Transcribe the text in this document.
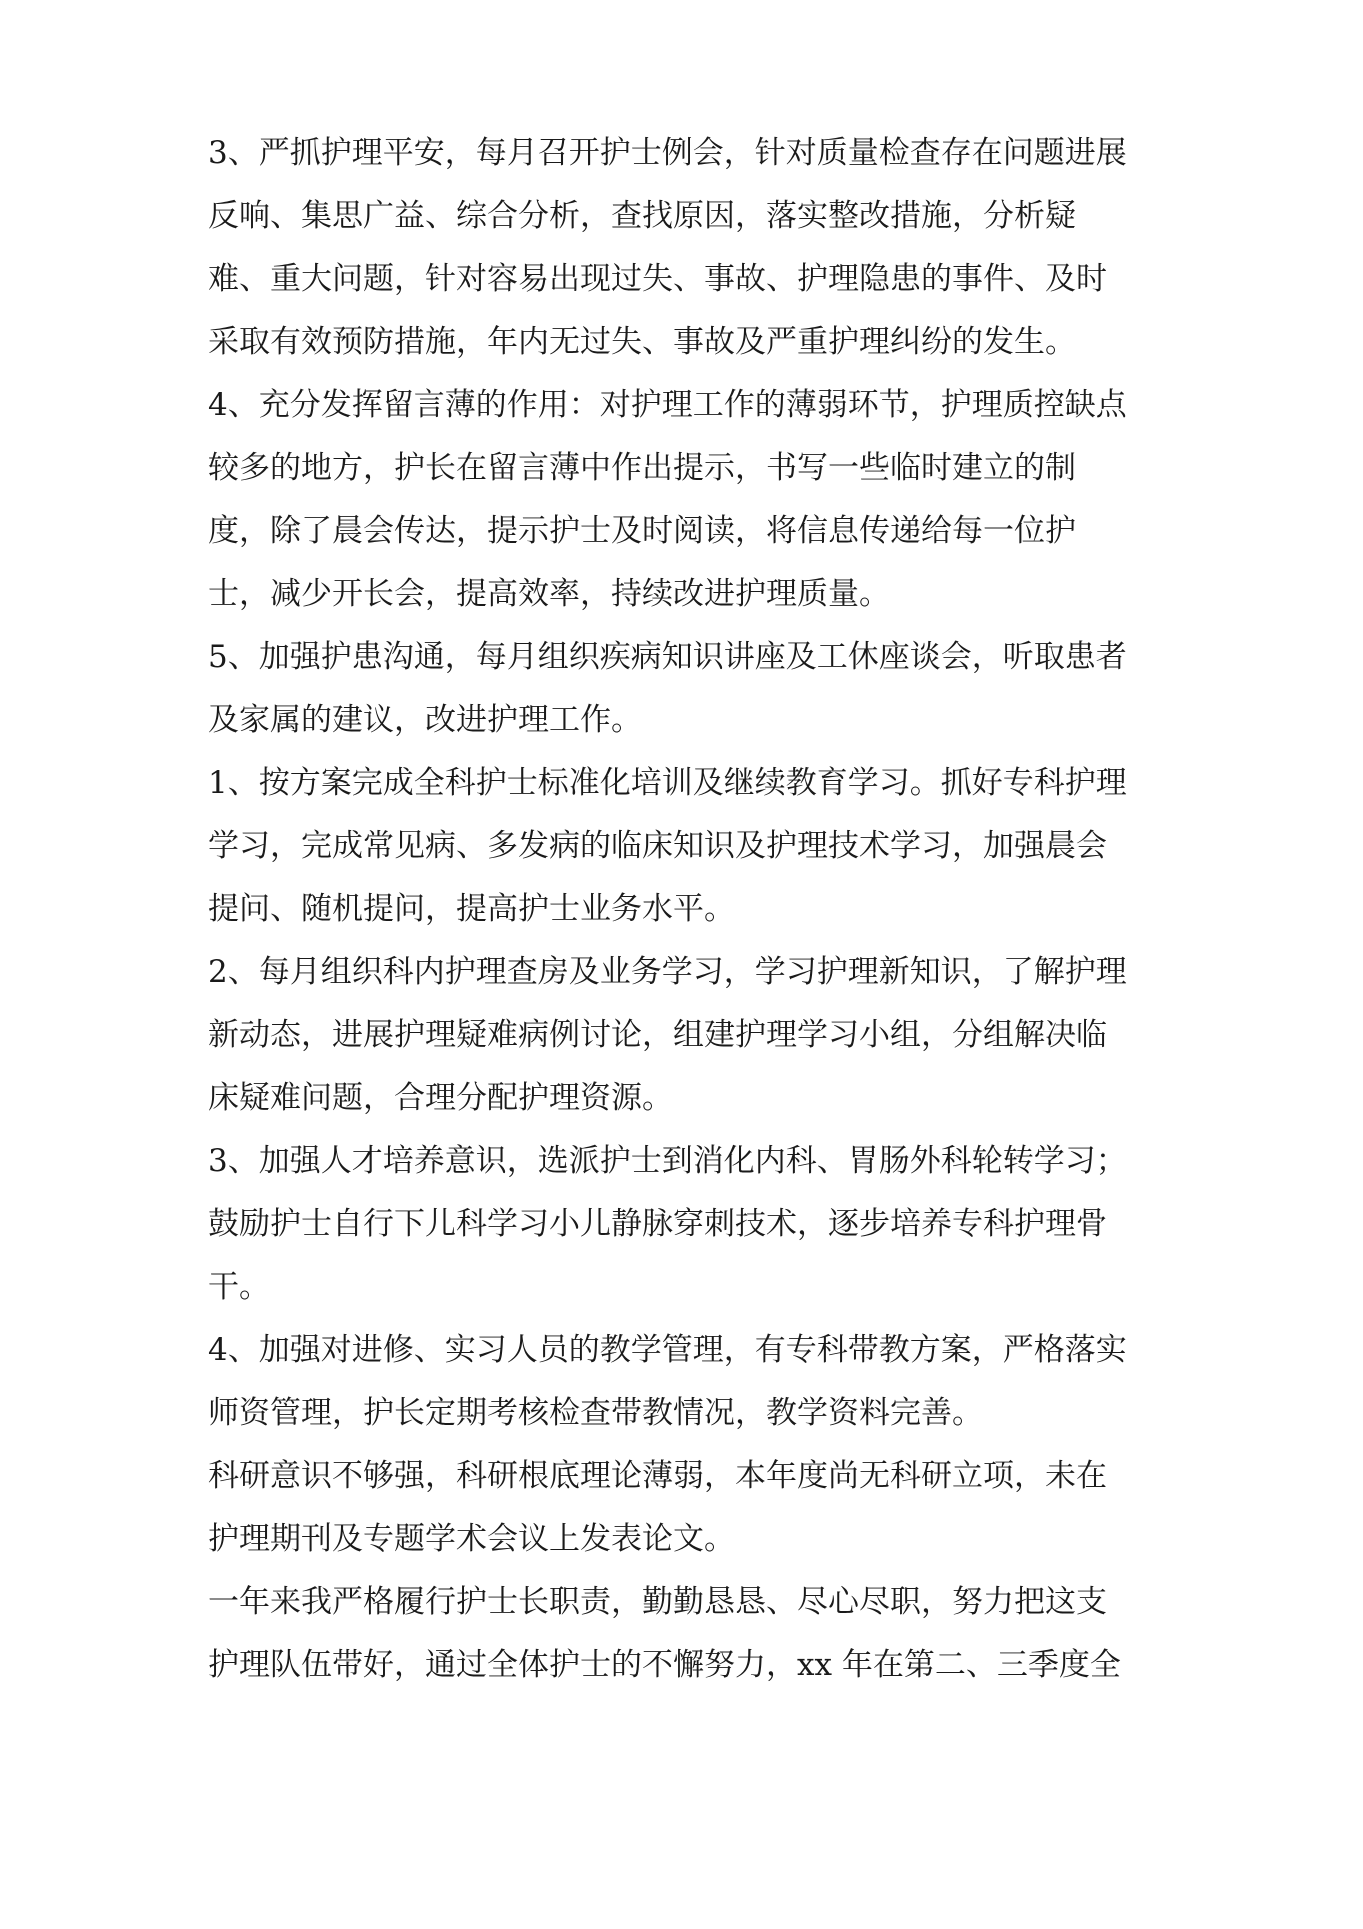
3、严抓护理平安，每月召开护士例会，针对质量检查存在问题进展
反响、集思广益、综合分析，查找原因，落实整改措施，分析疑
难、重大问题，针对容易出现过失、事故、护理隐患的事件、及时
采取有效预防措施，年内无过失、事故及严重护理纠纷的发生。
4、充分发挥留言薄的作用：对护理工作的薄弱环节，护理质控缺点
较多的地方，护长在留言薄中作出提示，书写一些临时建立的制
度，除了晨会传达，提示护士及时阅读，将信息传递给每一位护
士，减少开长会，提高效率，持续改进护理质量。
5、加强护患沟通，每月组织疾病知识讲座及工休座谈会，听取患者
及家属的建议，改进护理工作。
1、按方案完成全科护士标准化培训及继续教育学习。抓好专科护理
学习，完成常见病、多发病的临床知识及护理技术学习，加强晨会
提问、随机提问，提高护士业务水平。
2、每月组织科内护理查房及业务学习，学习护理新知识，了解护理
新动态，进展护理疑难病例讨论，组建护理学习小组，分组解决临
床疑难问题，合理分配护理资源。
3、加强人才培养意识，选派护士到消化内科、胃肠外科轮转学习；
鼓励护士自行下儿科学习小儿静脉穿刺技术，逐步培养专科护理骨
干。
4、加强对进修、实习人员的教学管理，有专科带教方案，严格落实
师资管理，护长定期考核检查带教情况，教学资料完善。
科研意识不够强，科研根底理论薄弱，本年度尚无科研立项，未在
护理期刊及专题学术会议上发表论文。
一年来我严格履行护士长职责，勤勤恳恳、尽心尽职，努力把这支
护理队伍带好，通过全体护士的不懈努力，xx 年在第二、三季度全
